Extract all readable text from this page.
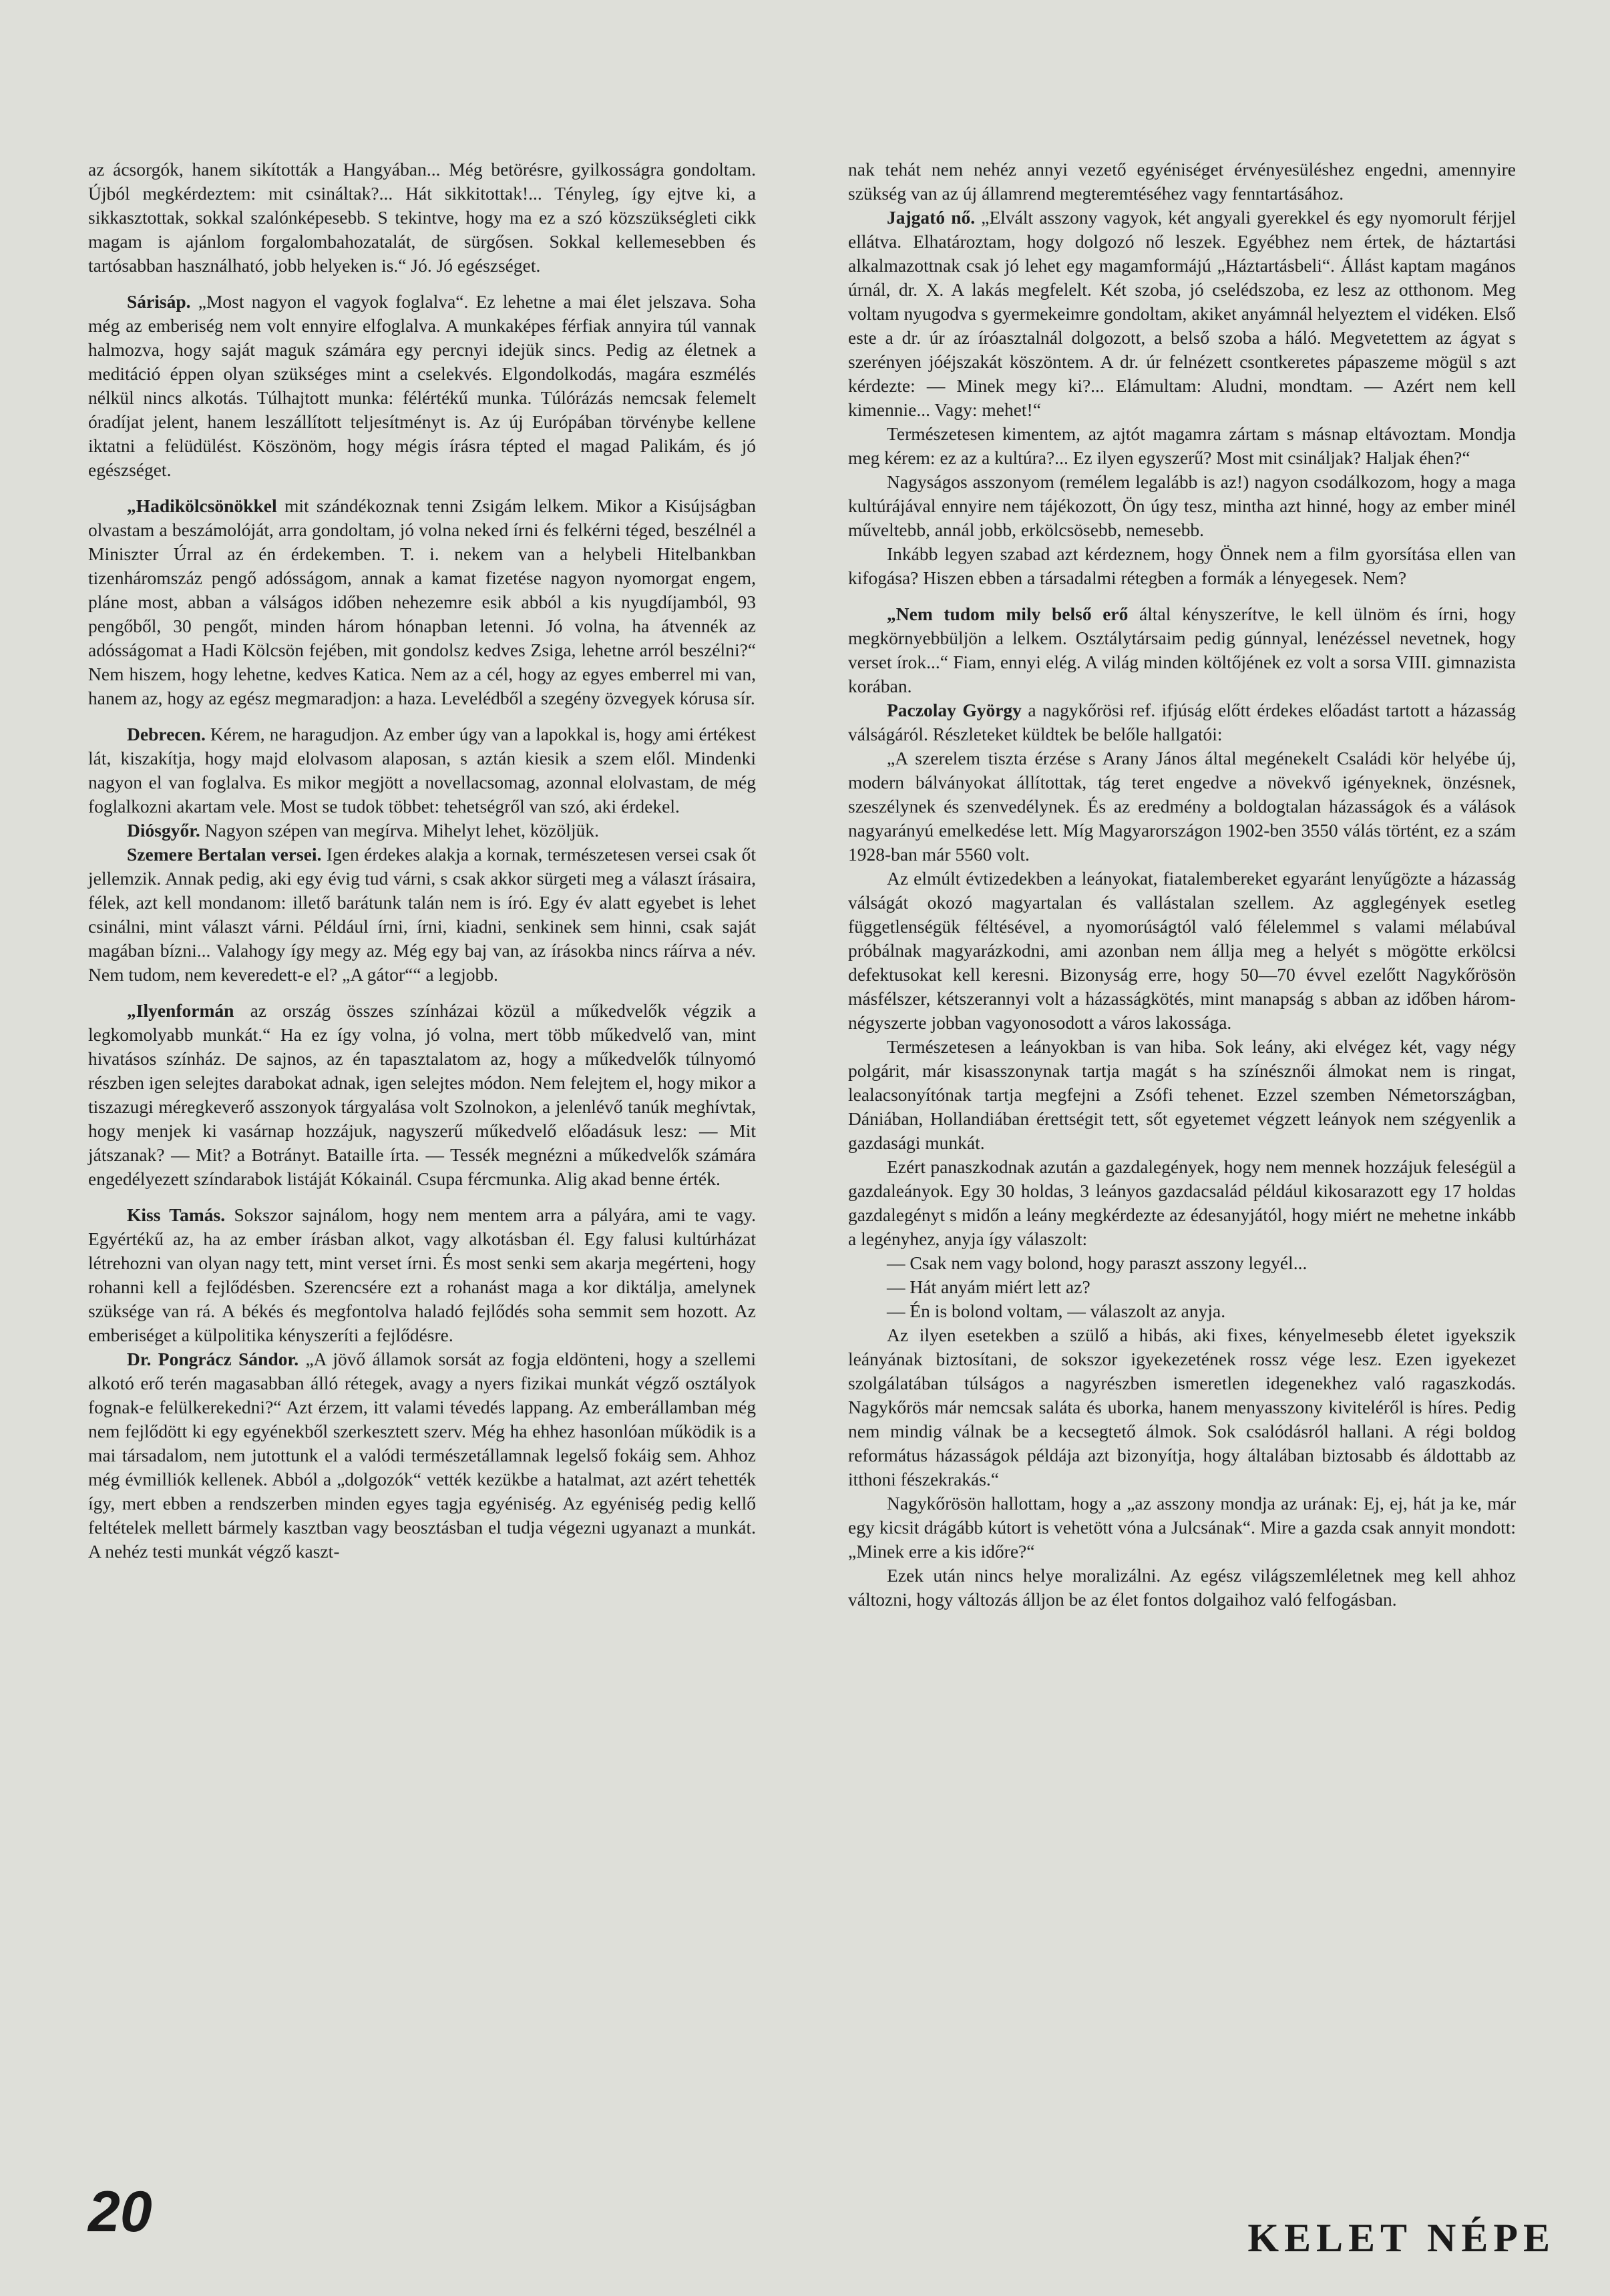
az ácsorgók, hanem sikították a Hangyában... Még betörésre, gyilkosságra gondoltam. Újból megkérdeztem: mit csináltak?... Hát sikkitottak!... Tényleg, így ejtve ki, a sikkasztottak, sokkal szalónképesebb. S tekintve, hogy ma ez a szó közszükségleti cikk magam is ajánlom forgalombahozatalát, de sürgősen. Sokkal kellemesebben és tartósabban használható, jobb helyeken is.“ Jó. Jó egészséget.

Sárisáp. „Most nagyon el vagyok foglalva“. Ez lehetne a mai élet jelszava. Soha még az emberiség nem volt ennyire elfoglalva. A munkaképes férfiak annyira túl vannak halmozva, hogy saját maguk számára egy percnyi idejük sincs. Pedig az életnek a meditáció éppen olyan szükséges mint a cselekvés. Elgondolkodás, magára eszmélés nélkül nincs alkotás. Túlhajtott munka: félértékű munka. Túlórázás nemcsak felemelt óradíjat jelent, hanem leszállított teljesítményt is. Az új Európában törvénybe kellene iktatni a felüdülést. Köszönöm, hogy mégis írásra tépted el magad Palikám, és jó egészséget.

„Hadikölcsönökkel mit szándékoznak tenni Zsigám lelkem. Mikor a Kisújságban olvastam a beszámolóját, arra gondoltam, jó volna neked írni és felkérni téged, beszélnél a Miniszter Úrral az én érdekemben. T. i. nekem van a helybeli Hitelbankban tizenháromszáz pengő adósságom, annak a kamat fizetése nagyon nyomorgat engem, pláne most, abban a válságos időben nehezemre esik abból a kis nyugdíjamból, 93 pengőből, 30 pengőt, minden három hónapban letenni. Jó volna, ha átvennék az adósságomat a Hadi Kölcsön fejében, mit gondolsz kedves Zsiga, lehetne arról beszélni?“ Nem hiszem, hogy lehetne, kedves Katica. Nem az a cél, hogy az egyes emberrel mi van, hanem az, hogy az egész megmaradjon: a haza. Levelédből a szegény özvegyek kórusa sír.

Debrecen. Kérem, ne haragudjon. Az ember úgy van a lapokkal is, hogy ami értékest lát, kiszakítja, hogy majd elolvasom alaposan, s aztán kiesik a szem elől. Mindenki nagyon el van foglalva. Es mikor megjött a novellacsomag, azonnal elolvastam, de még foglalkozni akartam vele. Most se tudok többet: tehetségről van szó, aki érdekel.

Diósgyőr. Nagyon szépen van megírva. Mihelyt lehet, közöljük.

Szemere Bertalan versei. Igen érdekes alakja a kornak, természetesen versei csak őt jellemzik. Annak pedig, aki egy évig tud várni, s csak akkor sürgeti meg a választ írásaira, félek, azt kell mondanom: illető barátunk talán nem is író. Egy év alatt egyebet is lehet csinálni, mint választ várni. Például írni, írni, kiadni, senkinek sem hinni, csak saját magában bízni... Valahogy így megy az. Még egy baj van, az írásokba nincs ráírva a név. Nem tudom, nem keveredett-e el? „A gátor““ a legjobb.

„Ilyenformán az ország összes színházai közül a műkedvelők végzik a legkomolyabb munkát.“ Ha ez így volna, jó volna, mert több műkedvelő van, mint hivatásos színház. De sajnos, az én tapasztalatom az, hogy a műkedvelők túlnyomó részben igen selejtes darabokat adnak, igen selejtes módon. Nem felejtem el, hogy mikor a tiszazugi méregkeverő asszonyok tárgyalása volt Szolnokon, a jelenlévő tanúk meghívtak, hogy menjek ki vasárnap hozzájuk, nagyszerű műkedvelő előadásuk lesz: — Mit játszanak? — Mit? a Botrányt. Bataille írta. — Tessék megnézni a műkedvelők számára engedélyezett színdarabok listáját Kókainál. Csupa fércmunka. Alig akad benne érték.

Kiss Tamás. Sokszor sajnálom, hogy nem mentem arra a pályára, ami te vagy. Egyértékű az, ha az ember írásban alkot, vagy alkotásban él. Egy falusi kultúrházat létrehozni van olyan nagy tett, mint verset írni. És most senki sem akarja megérteni, hogy rohanni kell a fejlődésben. Szerencsére ezt a rohanást maga a kor diktálja, amelynek szüksége van rá. A békés és megfontolva haladó fejlődés soha semmit sem hozott. Az emberiséget a külpolitika kényszeríti a fejlődésre.

Dr. Pongrácz Sándor. „A jövő államok sorsát az fogja eldönteni, hogy a szellemi alkotó erő terén magasabban álló rétegek, avagy a nyers fizikai munkát végző osztályok fognak-e felülkerekedni?“ Azt érzem, itt valami tévedés lappang. Az emberállamban még nem fejlődött ki egy egyénekből szerkesztett szerv. Még ha ehhez hasonlóan működik is a mai társadalom, nem jutottunk el a valódi természetállamnak legelső fokáig sem. Ahhoz még évmilliók kellenek. Abból a „dolgozók“ vették kezükbe a hatalmat, azt azért tehették így, mert ebben a rendszerben minden egyes tagja egyéniség. Az egyéniség pedig kellő feltételek mellett bármely kasztban vagy beosztásban el tudja végezni ugyanazt a munkát. A nehéz testi munkát végző kaszt-

nak tehát nem nehéz annyi vezető egyéniséget érvényesüléshez engedni, amennyire szükség van az új államrend megteremtéséhez vagy fenntartásához.

Jajgató nő. „Elvált asszony vagyok, két angyali gyerekkel és egy nyomorult férjjel ellátva. Elhatároztam, hogy dolgozó nő leszek. Egyébhez nem értek, de háztartási alkalmazottnak csak jó lehet egy magamformájú „Háztartásbeli“. Állást kaptam magános úrnál, dr. X. A lakás megfelelt. Két szoba, jó cselédszoba, ez lesz az otthonom. Meg voltam nyugodva s gyermekeimre gondoltam, akiket anyámnál helyeztem el vidéken. Első este a dr. úr az íróasztalnál dolgozott, a belső szoba a háló. Megvetettem az ágyat s szerényen jóéjszakát köszöntem. A dr. úr felnézett csontkeretes pápaszeme mögül s azt kérdezte: — Minek megy ki?... Elámultam: Aludni, mondtam. — Azért nem kell kimennie... Vagy: mehet!“

Természetesen kimentem, az ajtót magamra zártam s másnap eltávoztam. Mondja meg kérem: ez az a kultúra?... Ez ilyen egyszerű? Most mit csináljak? Haljak éhen?“

Nagyságos asszonyom (remélem legalább is az!) nagyon csodálkozom, hogy a maga kultúrájával ennyire nem tájékozott, Ön úgy tesz, mintha azt hinné, hogy az ember minél műveltebb, annál jobb, erkölcsösebb, nemesebb.

Inkább legyen szabad azt kérdeznem, hogy Önnek nem a film gyorsítása ellen van kifogása? Hiszen ebben a társadalmi rétegben a formák a lényegesek. Nem?

„Nem tudom mily belső erő által kényszerítve, le kell ülnöm és írni, hogy megkörnyebbüljön a lelkem. Osztálytársaim pedig gúnnyal, lenézéssel nevetnek, hogy verset írok...“ Fiam, ennyi elég. A világ minden költőjének ez volt a sorsa VIII. gimnazista korában.

Paczolay György a nagykőrösi ref. ifjúság előtt érdekes előadást tartott a házasság válságáról. Részleteket küldtek be belőle hallgatói:

„A szerelem tiszta érzése s Arany János által megénekelt Családi kör helyébe új, modern bálványokat állítottak, tág teret engedve a növekvő igényeknek, önzésnek, szeszélynek és szenvedélynek. És az eredmény a boldogtalan házasságok és a válások nagyarányú emelkedése lett. Míg Magyarországon 1902-ben 3550 válás történt, ez a szám 1928-ban már 5560 volt.

Az elmúlt évtizedekben a leányokat, fiatalembereket egyaránt lenyűgözte a házasság válságát okozó magyartalan és vallástalan szellem. Az agglegények esetleg függetlenségük féltésével, a nyomorúságtól való félelemmel s valami mélabúval próbálnak magyarázkodni, ami azonban nem állja meg a helyét s mögötte erkölcsi defektusokat kell keresni. Bizonyság erre, hogy 50—70 évvel ezelőtt Nagykőrösön másfélszer, kétszerannyi volt a házasságkötés, mint manapság s abban az időben három-négyszerte jobban vagyonosodott a város lakossága.

Természetesen a leányokban is van hiba. Sok leány, aki elvégez két, vagy négy polgárit, már kisasszonynak tartja magát s ha színésznői álmokat nem is ringat, lealacsonyítónak tartja megfejni a Zsófi tehenet. Ezzel szemben Németországban, Dániában, Hollandiában érettségit tett, sőt egyetemet végzett leányok nem szégyenlik a gazdasági munkát.

Ezért panaszkodnak azután a gazdalegények, hogy nem mennek hozzájuk feleségül a gazdaleányok. Egy 30 holdas, 3 leányos gazdacsalád például kikosarazott egy 17 holdas gazdalegényt s midőn a leány megkérdezte az édesanyjától, hogy miért ne mehetne inkább a legényhez, anyja így válaszolt:

— Csak nem vagy bolond, hogy paraszt asszony legyél...

— Hát anyám miért lett az?

— Én is bolond voltam, — válaszolt az anyja.

Az ilyen esetekben a szülő a hibás, aki fixes, kényelmesebb életet igyekszik leányának biztosítani, de sokszor igyekezetének rossz vége lesz. Ezen igyekezet szolgálatában túlságos a nagyrészben ismeretlen idegenekhez való ragaszkodás. Nagykőrös már nemcsak saláta és uborka, hanem menyasszony kiviteléről is híres. Pedig nem mindig válnak be a kecsegtető álmok. Sok csalódásról hallani. A régi boldog református házasságok példája azt bizonyítja, hogy általában biztosabb és áldottabb az itthoni fészekrakás.“

Nagykőrösön hallottam, hogy a „az asszony mondja az urának: Ej, ej, hát ja ke, már egy kicsit drágább kútort is vehetött vóna a Julcsának“. Mire a gazda csak annyit mondott: „Minek erre a kis időre?“

Ezek után nincs helye moralizálni. Az egész világszemléletnek meg kell ahhoz változni, hogy változás álljon be az élet fontos dolgaihoz való felfogásban.

20	KELET NÉPE
